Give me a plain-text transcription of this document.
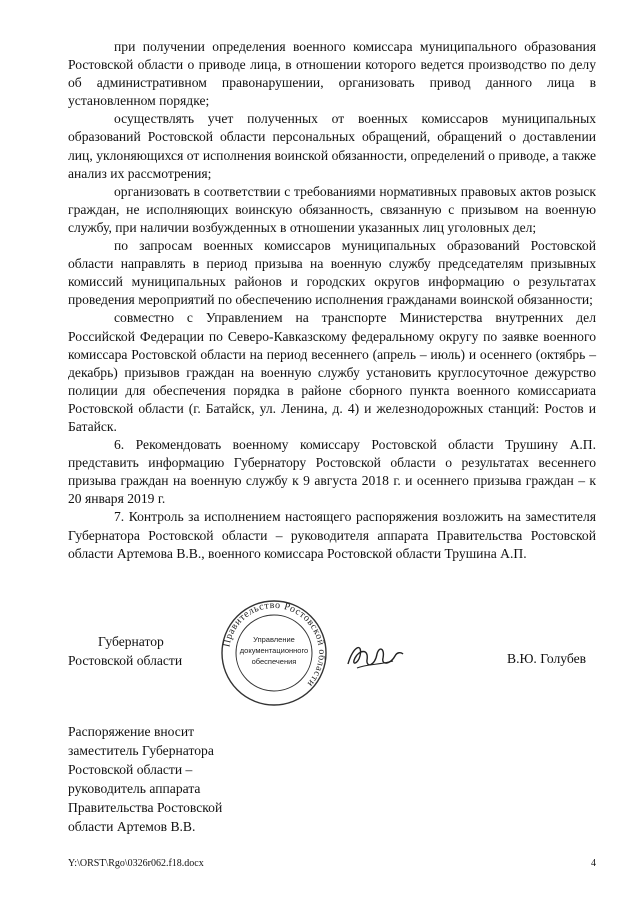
при получении определения военного комиссара муниципального образования Ростовской области о приводе лица, в отношении которого ведется производство по делу об административном правонарушении, организовать привод данного лица в установленном порядке;

осуществлять учет полученных от военных комиссаров муниципальных образований Ростовской области персональных обращений, обращений о доставлении лиц, уклоняющихся от исполнения воинской обязанности, определений о приводе, а также анализ их рассмотрения;

организовать в соответствии с требованиями нормативных правовых актов розыск граждан, не исполняющих воинскую обязанность, связанную с призывом на военную службу, при наличии возбужденных в отношении указанных лиц уголовных дел;

по запросам военных комиссаров муниципальных образований Ростовской области направлять в период призыва на военную службу председателям призывных комиссий муниципальных районов и городских округов информацию о результатах проведения мероприятий по обеспечению исполнения гражданами воинской обязанности;

совместно с Управлением на транспорте Министерства внутренних дел Российской Федерации по Северо-Кавказскому федеральному округу по заявке военного комиссара Ростовской области на период весеннего (апрель – июль) и осеннего (октябрь – декабрь) призывов граждан на военную службу установить круглосуточное дежурство полиции для обеспечения порядка в районе сборного пункта военного комиссариата Ростовской области (г. Батайск, ул. Ленина, д. 4) и железнодорожных станций: Ростов и Батайск.

6. Рекомендовать военному комиссару Ростовской области Трушину А.П. представить информацию Губернатору Ростовской области о результатах весеннего призыва граждан на военную службу к 9 августа 2018 г. и осеннего призыва граждан – к 20 января 2019 г.

7. Контроль за исполнением настоящего распоряжения возложить на заместителя Губернатора Ростовской области – руководителя аппарата Правительства Ростовской области Артемова В.В., военного комиссара Ростовской области Трушина А.П.

Губернатор
Ростовской области
Правительство Ростовской области
Управление
документационного
обеспечения	В.Ю. Голубев
Распоряжение вносит
заместитель Губернатора
Ростовской области –
руководитель аппарата
Правительства Ростовской
области Артемов В.В.
Y:\ORST\Rgo\0326r062.f18.docx	4
